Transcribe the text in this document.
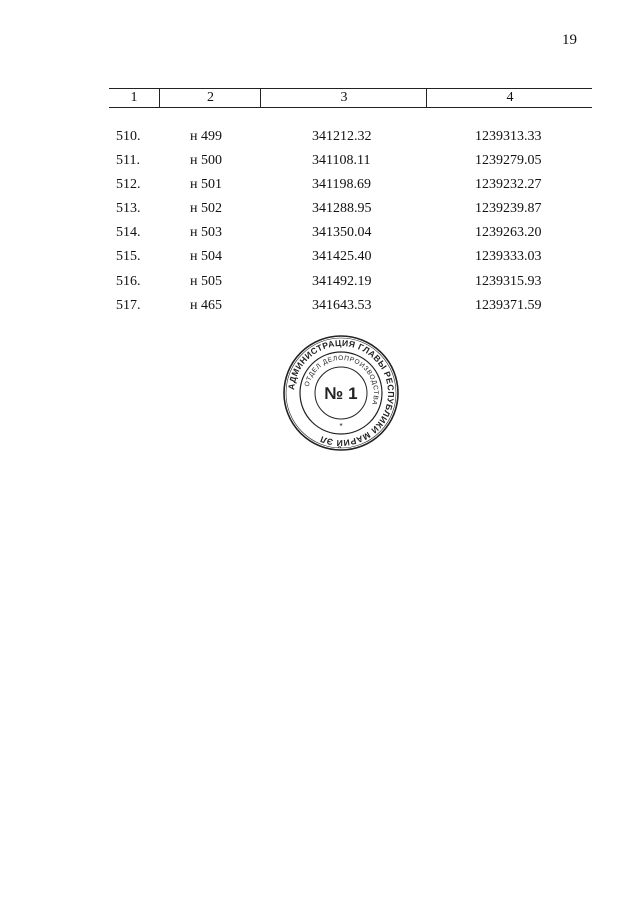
19
1	2	3	4
510.	н 499	341212.32	1239313.33
511.	н 500	341108.11	1239279.05
512.	н 501	341198.69	1239232.27
513.	н 502	341288.95	1239239.87
514.	н 503	341350.04	1239263.20
515.	н 504	341425.40	1239333.03
516.	н 505	341492.19	1239315.93
517.	н 465	341643.53	1239371.59
АДМИНИСТРАЦИЯ ГЛАВЫ РЕСПУБЛИКИ МАРИЙ ЭЛ
ОТДЕЛ ДЕЛОПРОИЗВОДСТВА
№ 1
*
